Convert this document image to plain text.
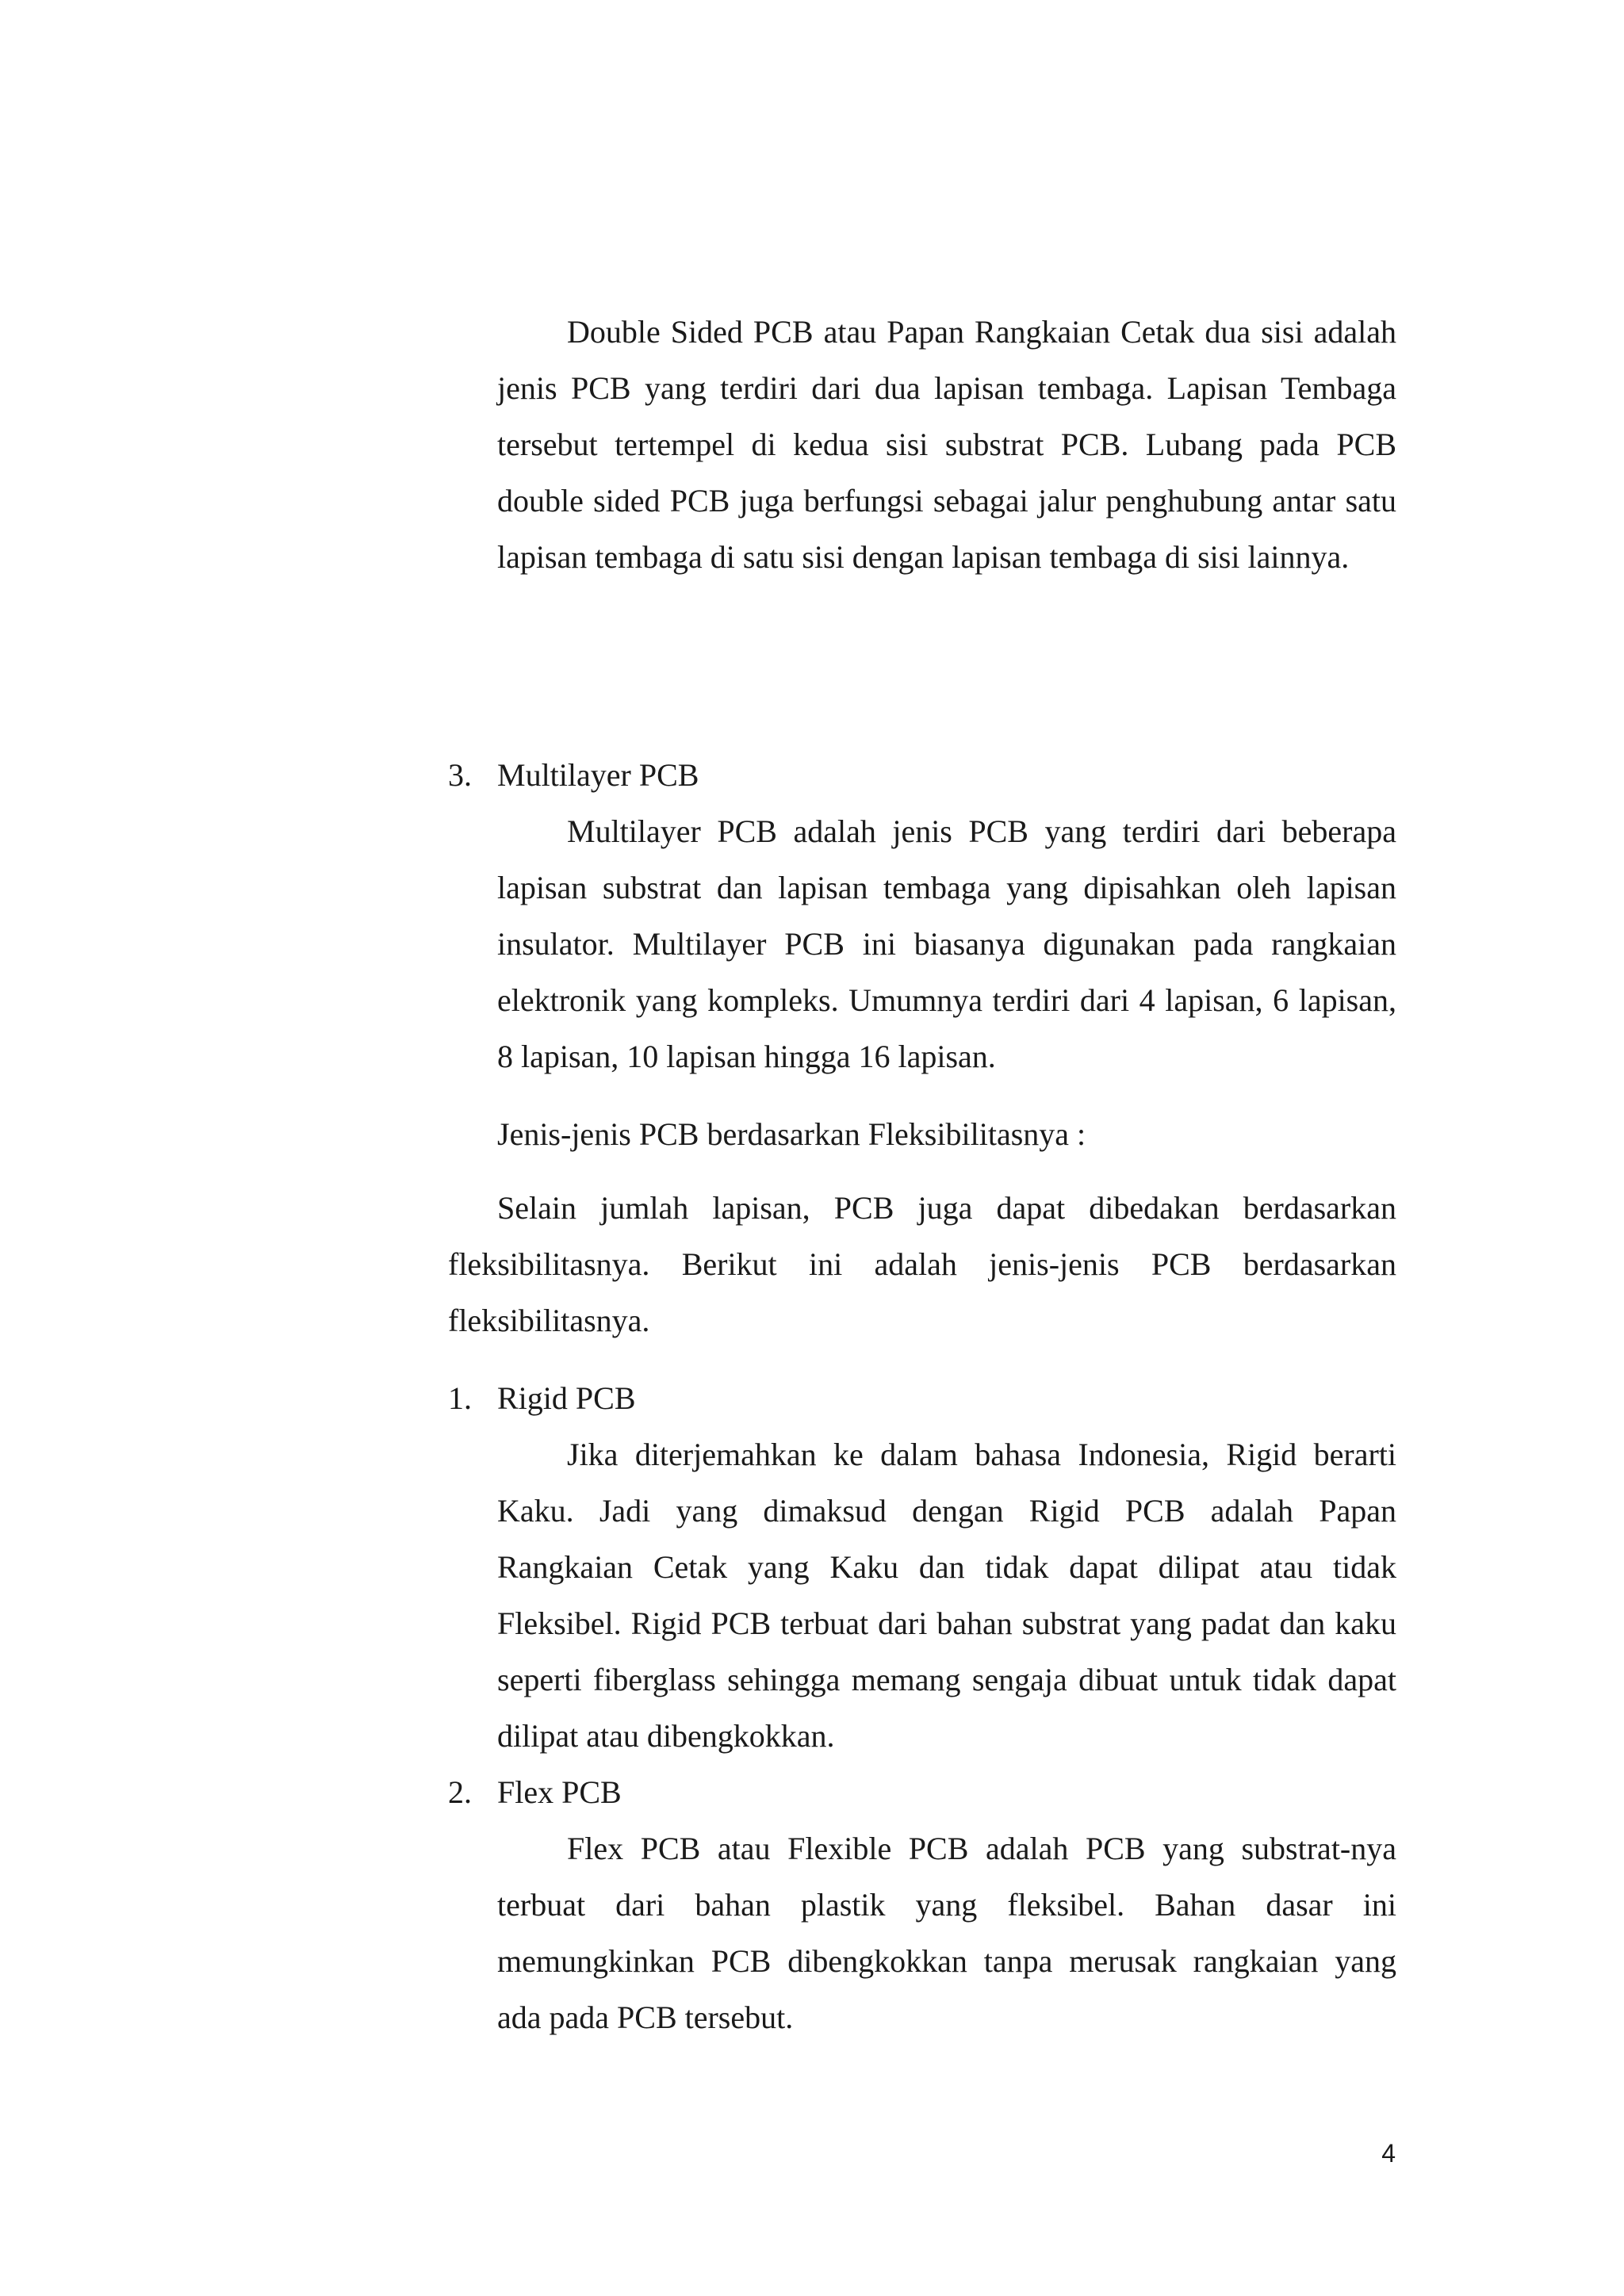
Double Sided PCB atau Papan Rangkaian Cetak dua sisi adalah jenis PCB yang terdiri dari dua lapisan tembaga. Lapisan Tembaga tersebut tertempel di kedua sisi substrat PCB. Lubang pada PCB double sided PCB juga berfungsi sebagai jalur penghubung antar satu lapisan tembaga di satu sisi dengan lapisan tembaga di sisi lainnya.

3. Multilayer PCB

Multilayer PCB adalah jenis PCB yang terdiri dari beberapa lapisan substrat dan lapisan tembaga yang dipisahkan oleh lapisan insulator. Multilayer PCB ini biasanya digunakan pada rangkaian elektronik yang kompleks. Umumnya terdiri dari 4 lapisan, 6 lapisan, 8 lapisan, 10 lapisan hingga 16 lapisan.

Jenis-jenis PCB berdasarkan Fleksibilitasnya :

Selain jumlah lapisan, PCB juga dapat dibedakan berdasarkan fleksibilitasnya. Berikut ini adalah jenis-jenis PCB berdasarkan fleksibilitasnya.

1. Rigid PCB

Jika diterjemahkan ke dalam bahasa Indonesia, Rigid berarti Kaku. Jadi yang dimaksud dengan Rigid PCB adalah Papan Rangkaian Cetak yang Kaku dan tidak dapat dilipat atau tidak Fleksibel. Rigid PCB terbuat dari bahan substrat yang padat dan kaku seperti fiberglass sehingga memang sengaja dibuat untuk tidak dapat dilipat atau dibengkokkan.

2. Flex PCB

Flex PCB atau Flexible PCB adalah PCB yang substrat-nya terbuat dari bahan plastik yang fleksibel. Bahan dasar ini memungkinkan PCB dibengkokkan tanpa merusak rangkaian yang ada pada PCB tersebut.

4
